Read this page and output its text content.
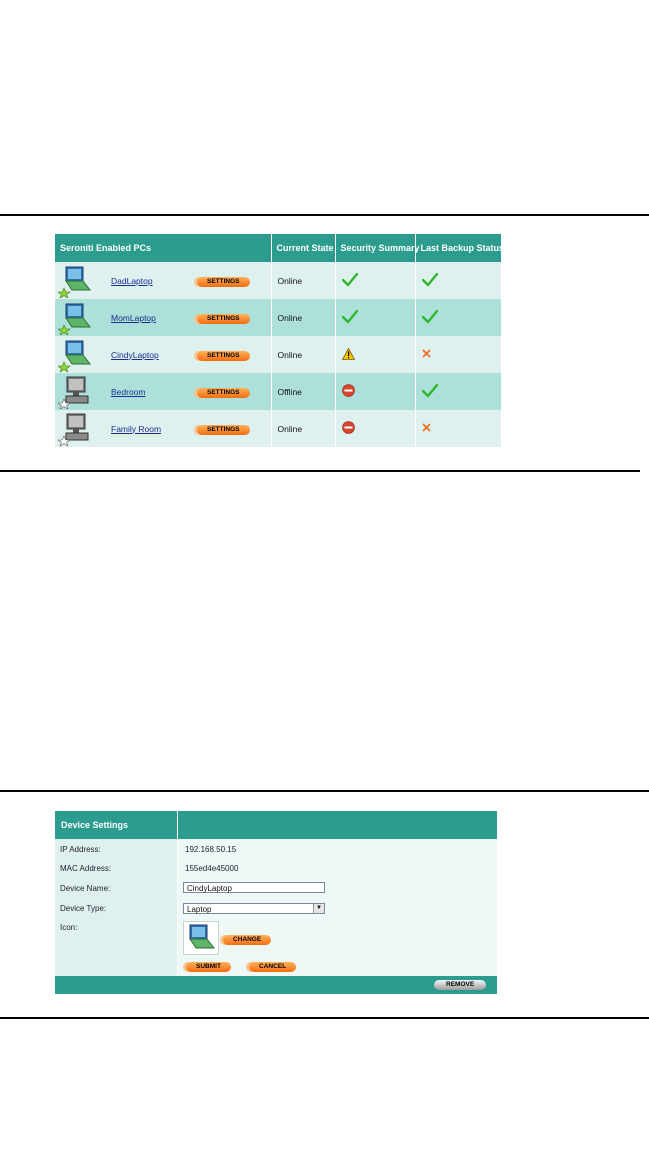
Seroniti Enabled PCs			Current State	Security Summary	Last Backup Status

	DadLaptop	SETTINGS	Online		

	MomLaptop	SETTINGS	Online		

	CindyLaptop	SETTINGS	Online		

	Bedroom	SETTINGS	Offline		

	Family Room	SETTINGS	Online		
Device Settings
IP Address:	192.168.50.15
MAC Address:	155ed4e45000
Device Name:	CindyLaptop
Device Type:	Laptop	▼
Icon:
CHANGE
SUBMIT	CANCEL
REMOVE
